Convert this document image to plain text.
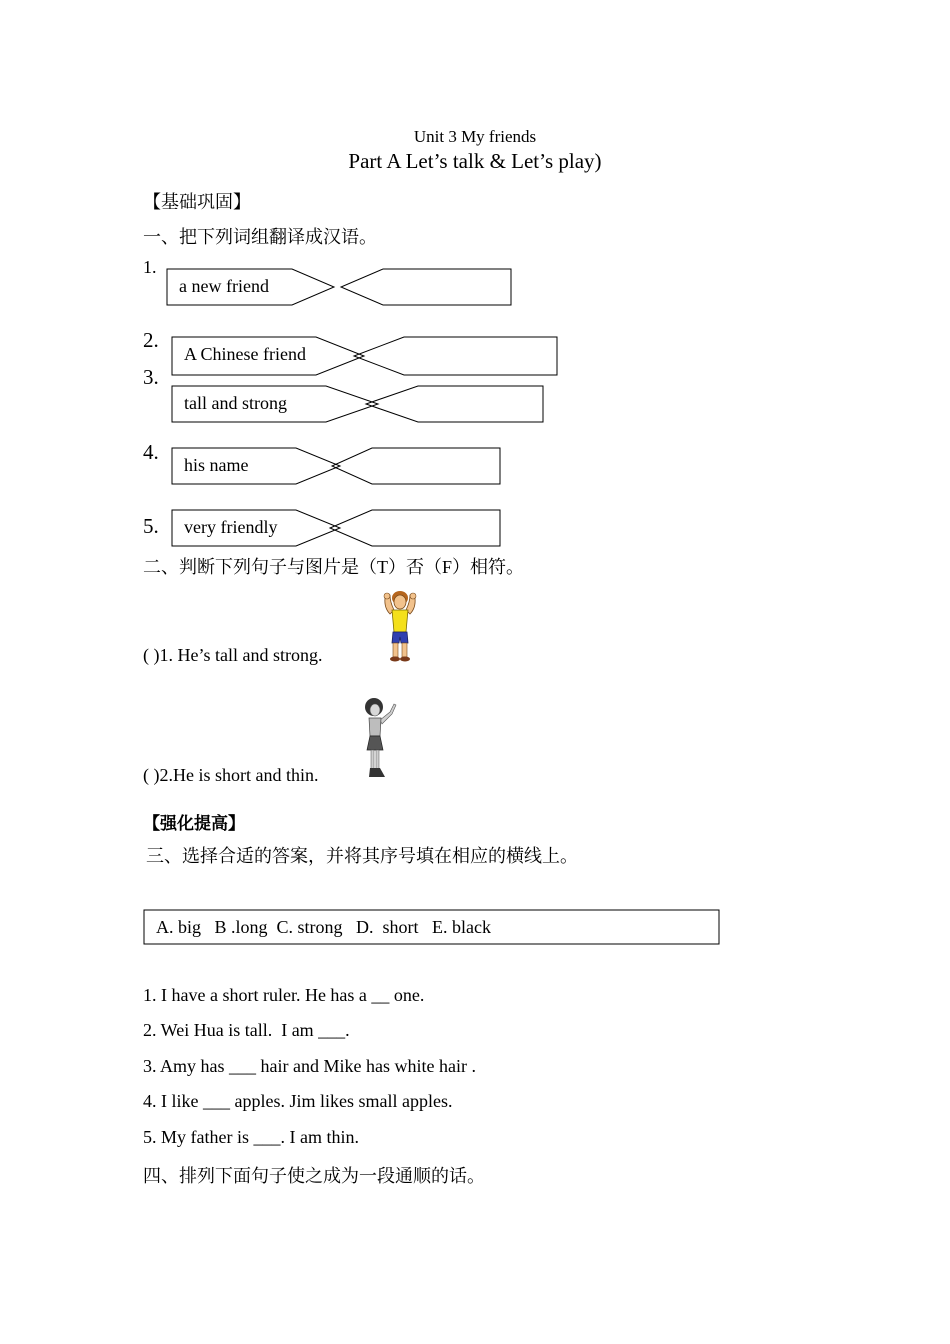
Unit 3 My friends
Part A Let’s talk & Let’s play)
【基础巩固】
一、把下列词组翻译成汉语。
1.
a new friend
2.
A Chinese friend
3.
tall and strong
4.
his name
5. very friendly
二、判断下列句子与图片是（T）否（F）相符。
( )1. He’s tall and strong.
( )2.He is short and thin.
【强化提高】
三、选择合适的答案，并将其序号填在相应的横线上。
A. big   B .long  C. strong   D.  short   E. black
1. I have a short ruler. He has a __ one.
2. Wei Hua is tall.  I am ___.
3. Amy has ___ hair and Mike has white hair .
4. I like ___ apples. Jim likes small apples.
5. My father is ___. I am thin.
四、排列下面句子使之成为一段通顺的话。
